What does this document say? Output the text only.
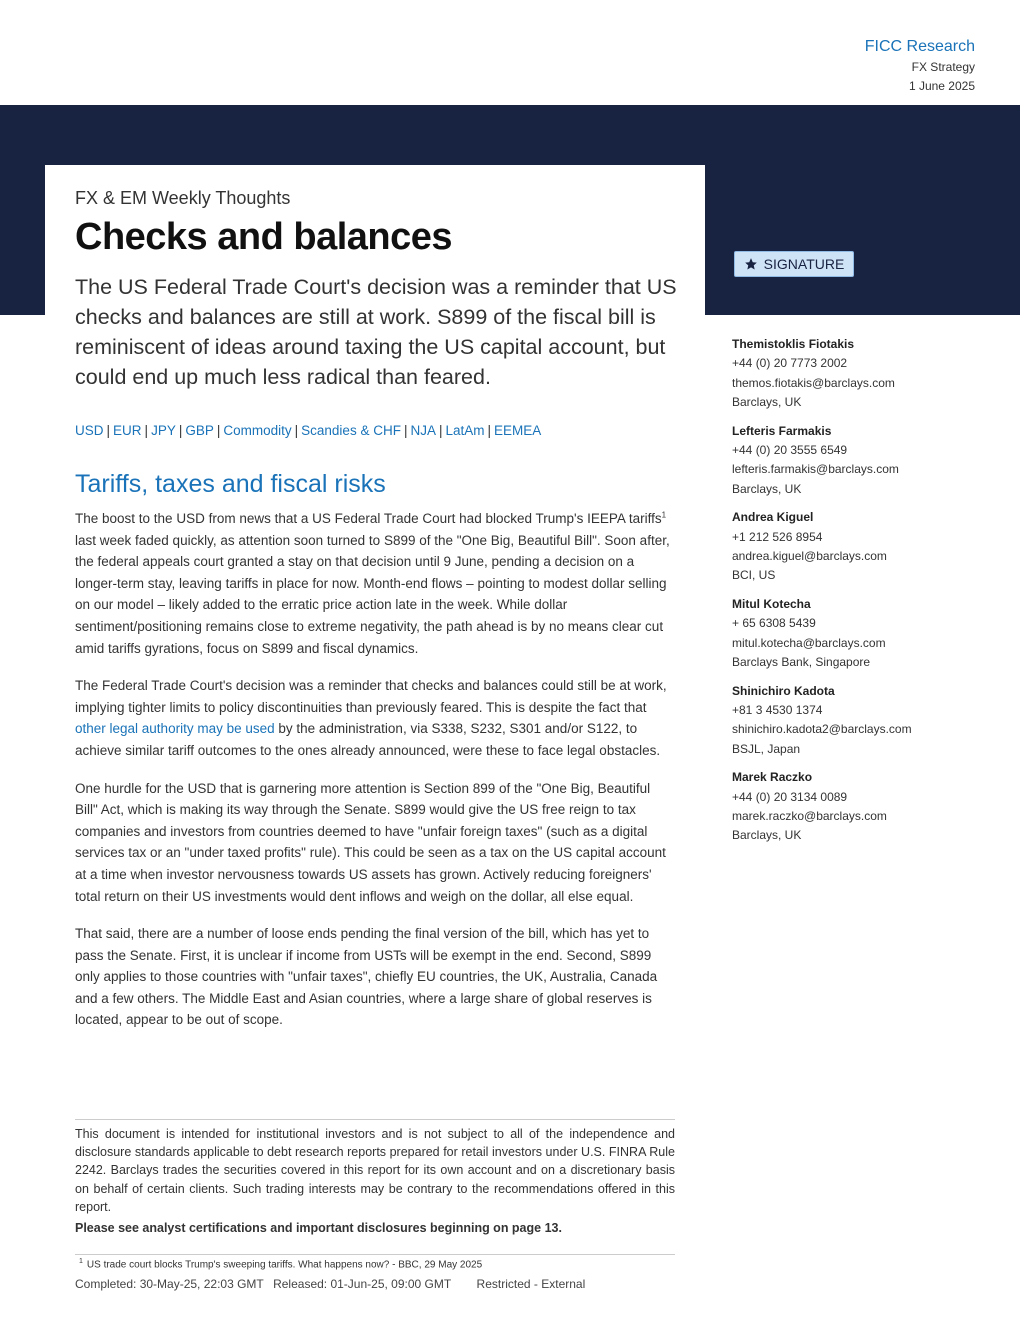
FICC Research
FX Strategy
1 June 2025
FX & EM Weekly Thoughts
Checks and balances
The US Federal Trade Court's decision was a reminder that US checks and balances are still at work. S899 of the fiscal bill is reminiscent of ideas around taxing the US capital account, but could end up much less radical than feared.
SIGNATURE
USD | EUR | JPY | GBP | Commodity | Scandies & CHF | NJA | LatAm | EEMEA
Themistoklis Fiotakis
+44 (0) 20 7773 2002
themos.fiotakis@barclays.com
Barclays, UK
Lefteris Farmakis
+44 (0) 20 3555 6549
lefteris.farmakis@barclays.com
Barclays, UK
Andrea Kiguel
+1 212 526 8954
andrea.kiguel@barclays.com
BCI, US
Mitul Kotecha
+ 65 6308 5439
mitul.kotecha@barclays.com
Barclays Bank, Singapore
Shinichiro Kadota
+81 3 4530 1374
shinichiro.kadota2@barclays.com
BSJL, Japan
Marek Raczko
+44 (0) 20 3134 0089
marek.raczko@barclays.com
Barclays, UK
Tariffs, taxes and fiscal risks

The boost to the USD from news that a US Federal Trade Court had blocked Trump's IEEPA tariffs$^1$ last week faded quickly, as attention soon turned to S899 of the "One Big, Beautiful Bill". Soon after, the federal appeals court granted a stay on that decision until 9 June, pending a decision on a longer-term stay, leaving tariffs in place for now. Month-end flows – pointing to modest dollar selling on our model – likely added to the erratic price action late in the week. While dollar sentiment/positioning remains close to extreme negativity, the path ahead is by no means clear cut amid tariffs gyrations, focus on S899 and fiscal dynamics.

The Federal Trade Court's decision was a reminder that checks and balances could still be at work, implying tighter limits to policy discontinuities than previously feared. This is despite the fact that other legal authority may be used by the administration, via S338, S232, S301 and/or S122, to achieve similar tariff outcomes to the ones already announced, were these to face legal obstacles.

One hurdle for the USD that is garnering more attention is Section 899 of the "One Big, Beautiful Bill" Act, which is making its way through the Senate. S899 would give the US free reign to tax companies and investors from countries deemed to have "unfair foreign taxes" (such as a digital services tax or an "under taxed profits" rule). This could be seen as a tax on the US capital account at a time when investor nervousness towards US assets has grown. Actively reducing foreigners' total return on their US investments would dent inflows and weigh on the dollar, all else equal.

That said, there are a number of loose ends pending the final version of the bill, which has yet to pass the Senate. First, it is unclear if income from USTs will be exempt in the end. Second, S899 only applies to those countries with "unfair taxes", chiefly EU countries, the UK, Australia, Canada and a few others. The Middle East and Asian countries, where a large share of global reserves is located, appear to be out of scope.

This document is intended for institutional investors and is not subject to all of the independence and disclosure standards applicable to debt research reports prepared for retail investors under U.S. FINRA Rule 2242. Barclays trades the securities covered in this report for its own account and on a discretionary basis on behalf of certain clients. Such trading interests may be contrary to the recommendations offered in this report.
Please see analyst certifications and important disclosures beginning on page 13.
$^1$ US trade court blocks Trump's sweeping tariffs. What happens now? - BBC, 29 May 2025
Completed: 30-May-25, 22:03 GMT Released: 01-Jun-25, 09:00 GMT Restricted - External
